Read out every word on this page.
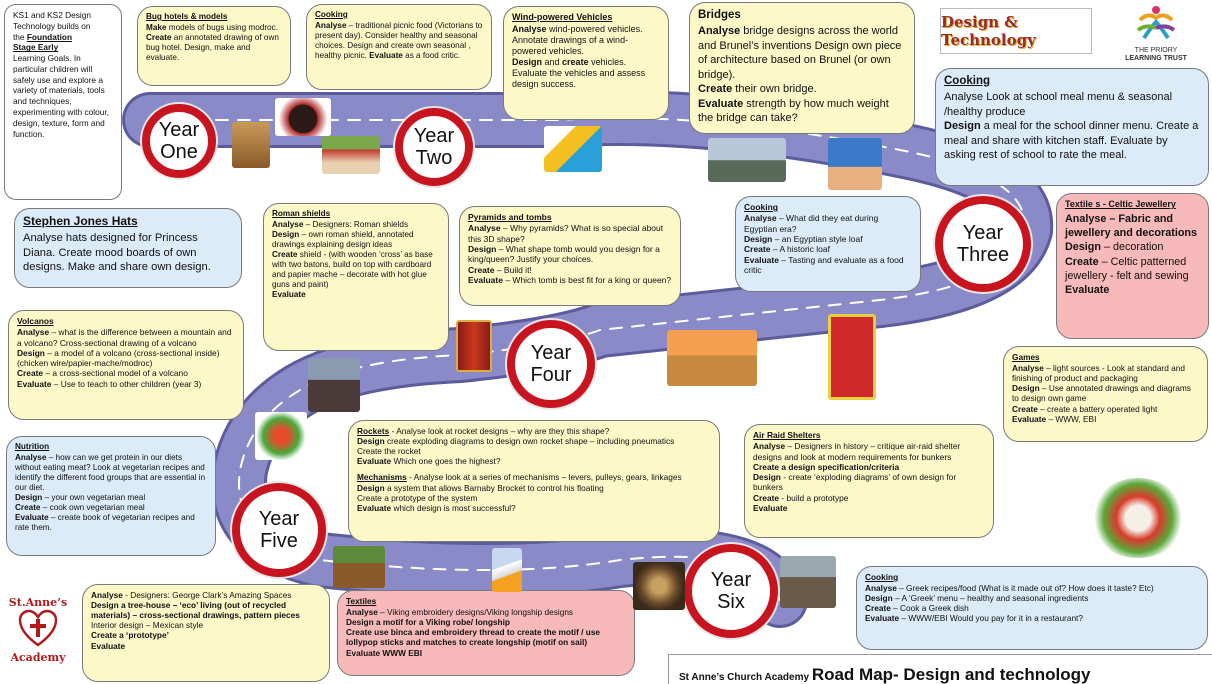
KS1 and KS2 Design
Technology builds on
the Foundation
Stage Early
Learning Goals. In particular children will safely use and explore a variety of materials, tools and techniques, experimenting with colour, design, texture, form and function.
Bug hotels & models
Make models of bugs using modroc.
Create an annotated drawing of own bug hotel. Design, make and evaluate.
Cooking
Analyse – traditional picnic food (Victorians to present day). Consider healthy and seasonal choices. Design and create own seasonal , healthy picnic. Evaluate as a food critic.
Wind-powered Vehicles
Analyse wind-powered vehicles. Annotate drawings of a wind-powered vehicles.
Design and create vehicles.
Evaluate the vehicles and assess design success.
Bridges
Analyse bridge designs across the world and Brunel’s inventions Design own piece of architecture based on Brunel (or own bridge).
Create their own bridge.
Evaluate strength by how much weight the bridge can take?
Design & Technology
THE PRIORY
LEARNING TRUST
Cooking
Analyse Look at school meal menu & seasonal /healthy produce
Design a meal for the school dinner menu. Create a meal and share with kitchen staff. Evaluate by asking rest of school to rate the meal.
Stephen Jones Hats
Analyse hats designed for Princess Diana. Create mood boards of own designs. Make and share own design.
Roman shields
Analyse – Designers: Roman shields
Design – own roman shield, annotated drawings explaining design ideas
Create shield - (with wooden ‘cross’ as base with two batons, build on top with cardboard and papier mache – decorate with hot glue guns and paint)
Evaluate
Pyramids and tombs
Analyse – Why pyramids? What is so special about this 3D shape?
Design – What shape tomb would you design for a king/queen? Justify your choices.
Create – Build it!
Evaluate – Which tomb is best fit for a king or queen?
Cooking
Analyse – What did they eat during Egyptian era?
Design – an Egyptian style loaf
Create – A historic loaf
Evaluate – Tasting and evaluate as a food critic
Textile s - Celtic Jewellery
Analyse – Fabric and jewellery and decorations Design – decoration
Create – Celtic patterned jewellery - felt and sewing
Evaluate
Volcanos
Analyse – what is the difference between a mountain and a volcano? Cross-sectional drawing of a volcano
Design – a model of a volcano (cross-sectional inside) (chicken wire/papier-mache/modroc)
Create – a cross-sectional model of a volcano
Evaluate – Use to teach to other children (year 3)
Games
Analyse – light sources - Look at standard and finishing of product and packaging
Design – Use annotated drawings and diagrams to design own game
Create – create a battery operated light
Evaluate – WWW, EBI
Nutrition
Analyse – how can we get protein in our diets without eating meat? Look at vegetarian recipes and identify the different food groups that are essential in our diet.
Design – your own vegetarian meal
Create – cook own vegetarian meal
Evaluate – create book of vegetarian recipes and rate them.
Rockets - Analyse look at rocket designs – why are they this shape?
Design create exploding diagrams to design own rocket shape – including pneumatics
Create the rocket
Evaluate Which one goes the highest?
Mechanisms - Analyse look at a series of mechanisms – levers, pulleys, gears, linkages
Design a system that allows Barnaby Brocket to control his floating
Create a prototype of the system
Evaluate which design is most successful?
Air Raid Shelters
Analyse – Designers in history – critique air-raid shelter designs and look at modern requirements for bunkers
Create a design specification/criteria
Design - create ‘exploding diagrams’ of own design for bunkers
Create - build a prototype
Evaluate
Analyse - Designers: George Clark’s Amazing Spaces
Design a tree-house – ‘eco’ living (out of recycled materials) – cross-sectional drawings, pattern pieces
Interior design – Mexican style
Create a ‘prototype’
Evaluate
Textiles
Analyse – Viking embroidery designs/Viking longship designs
Design a motif for a Viking robe/ longship
Create use binca and embroidery thread to create the motif / use lollypop sticks and matches to create longship (motif on sail)
Evaluate WWW EBI
Cooking
Analyse – Greek recipes/food (What is it made out of? How does it taste? Etc)
Design – A ‘Greek’ menu – healthy and seasonal ingredients
Create – Cook a Greek dish
Evaluate – WWW/EBI Would you pay for it in a restaurant?
Year
One
Year
Two
Year
Three
Year
Four
Year
Five
Year
Six
St.Anne’s
Academy
St Anne’s Church Academy Road Map- Design and technology
